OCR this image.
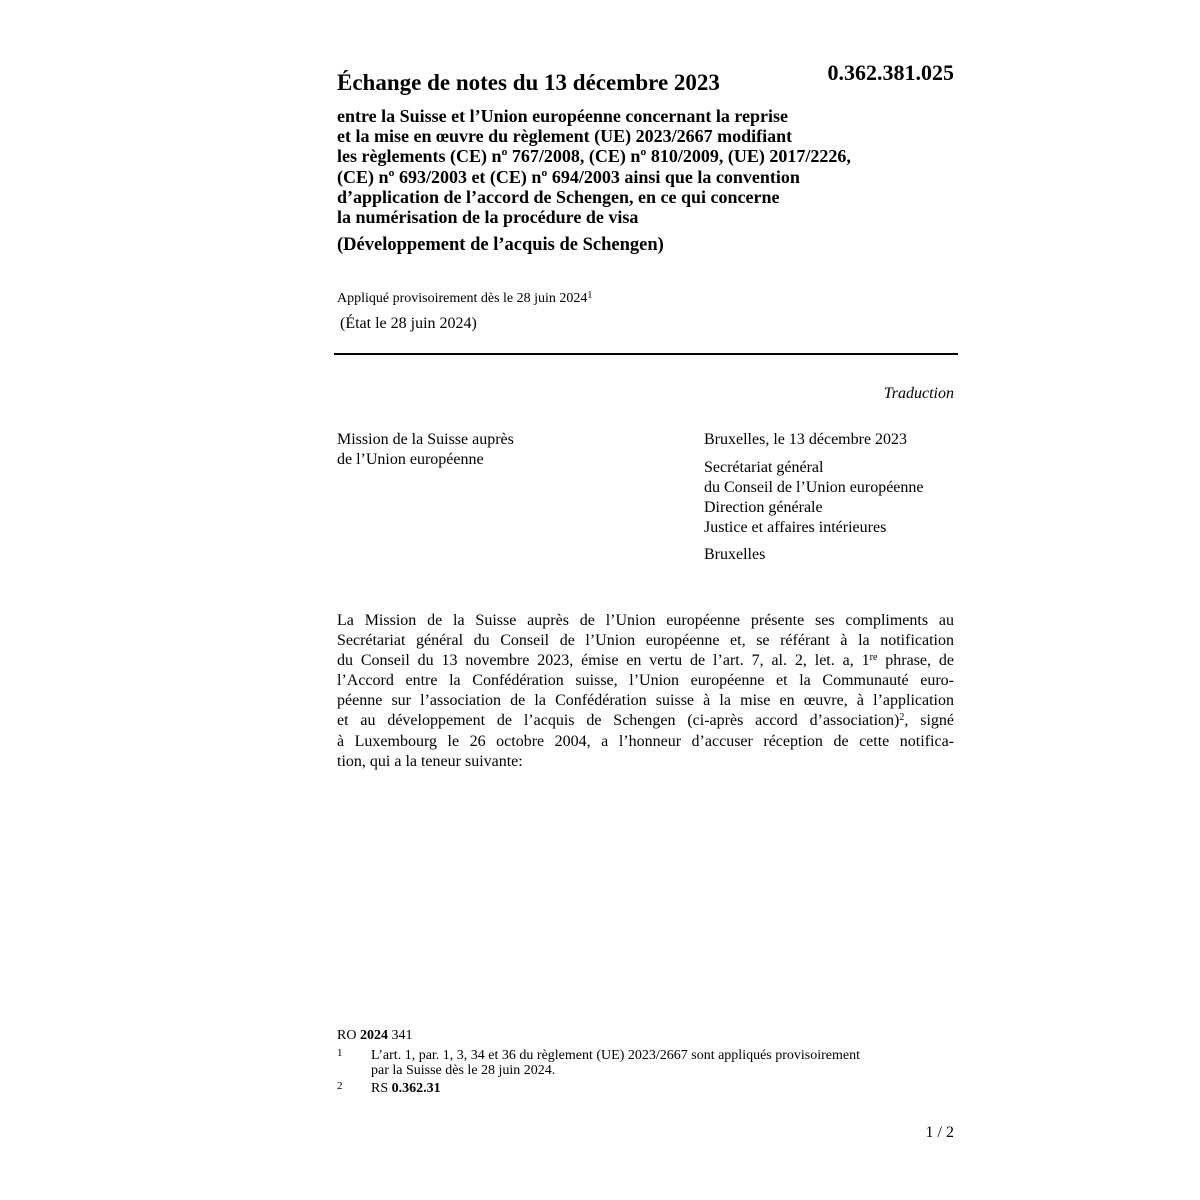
Échange de notes du 13 décembre 2023	0.362.381.025
entre la Suisse et l’Union européenne concernant la reprise
et la mise en œuvre du règlement (UE) 2023/2667 modifiant
les règlements (CE) nº 767/2008, (CE) nº 810/2009, (UE) 2017/2226,
(CE) nº 693/2003 et (CE) nº 694/2003 ainsi que la convention
d’application de l’accord de Schengen, en ce qui concerne
la numérisation de la procédure de visa
(Développement de l’acquis de Schengen)
Appliqué provisoirement dès le 28 juin 2024$^1$
(État le 28 juin 2024)
Traduction
Mission de la Suisse auprès
de l’Union européenne
Bruxelles, le 13 décembre 2023
Secrétariat général
du Conseil de l’Union européenne
Direction générale
Justice et affaires intérieures
Bruxelles
La Mission de la Suisse auprès de l’Union européenne présente ses compliments au
Secrétariat général du Conseil de l’Union européenne et, se référant à la notification
du Conseil du 13 novembre 2023, émise en vertu de l’art. 7, al. 2, let. a, 1re phrase, de
l’Accord entre la Confédération suisse, l’Union européenne et la Communauté euro-
péenne sur l’association de la Confédération suisse à la mise en œuvre, à l’application
et au développement de l’acquis de Schengen (ci-après accord d’association)$^2$, signé
à Luxembourg le 26 octobre 2004, a l’honneur d’accuser réception de cette notifica-
tion, qui a la teneur suivante:
RO 2024 341
1 L’art. 1, par. 1, 3, 34 et 36 du règlement (UE) 2023/2667 sont appliqués provisoirement
par la Suisse dès le 28 juin 2024.
2 RS 0.362.31
1 / 2
